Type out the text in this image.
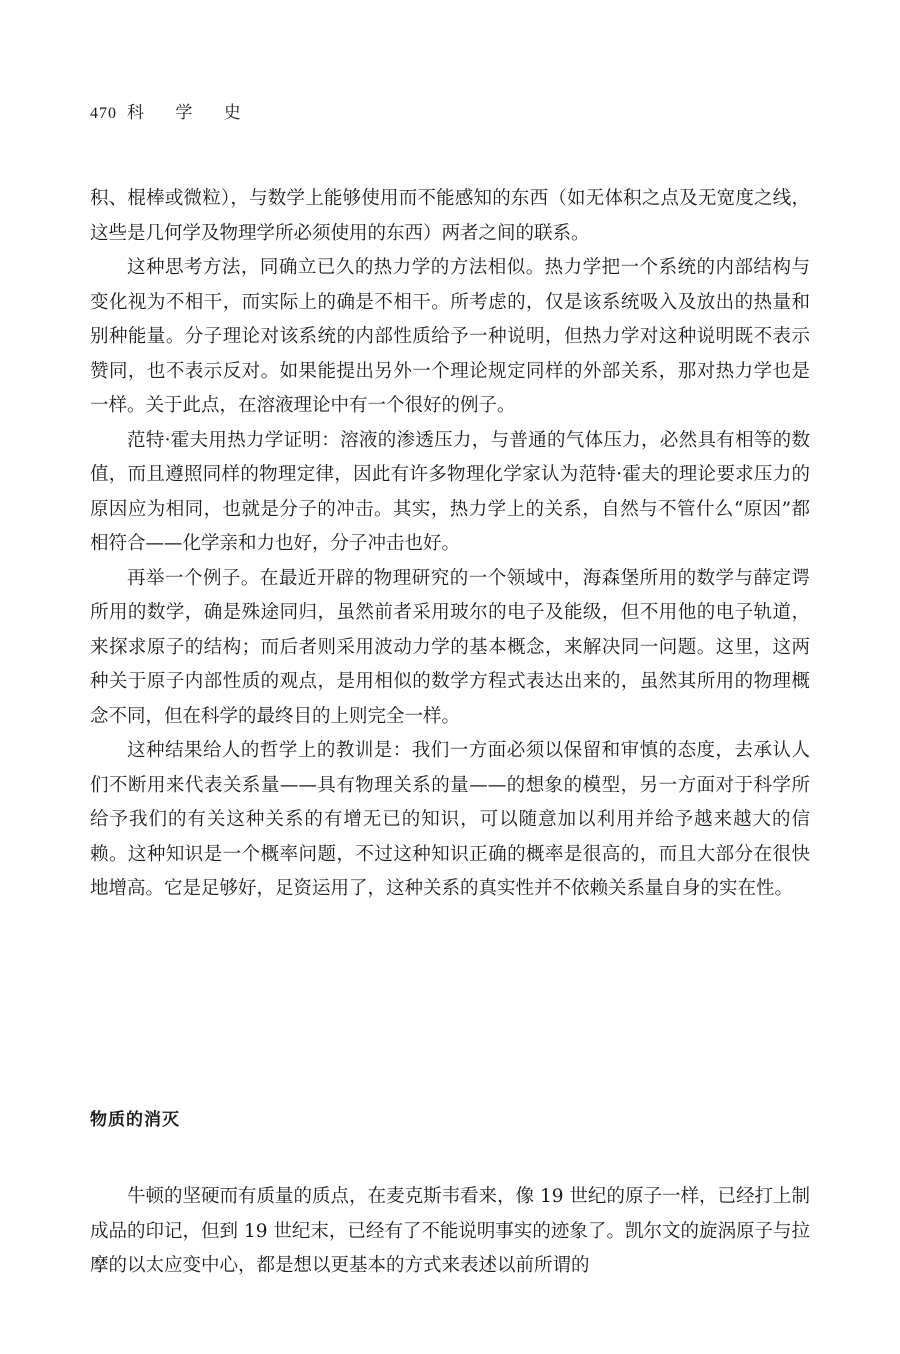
470 科 学 史

积、棍棒或微粒），与数学上能够使用而不能感知的东西（如无体积之点及无宽度之线，这些是几何学及物理学所必须使用的东西）两者之间的联系。

这种思考方法，同确立已久的热力学的方法相似。热力学把一个系统的内部结构与变化视为不相干，而实际上的确是不相干。所考虑的，仅是该系统吸入及放出的热量和别种能量。分子理论对该系统的内部性质给予一种说明，但热力学对这种说明既不表示赞同，也不表示反对。如果能提出另外一个理论规定同样的外部关系，那对热力学也是一样。关于此点，在溶液理论中有一个很好的例子。

范特·霍夫用热力学证明：溶液的渗透压力，与普通的气体压力，必然具有相等的数值，而且遵照同样的物理定律，因此有许多物理化学家认为范特·霍夫的理论要求压力的原因应为相同，也就是分子的冲击。其实，热力学上的关系，自然与不管什么“原因”都相符合——化学亲和力也好，分子冲击也好。

再举一个例子。在最近开辟的物理研究的一个领域中，海森堡所用的数学与薛定谔所用的数学，确是殊途同归，虽然前者采用玻尔的电子及能级，但不用他的电子轨道，来探求原子的结构；而后者则采用波动力学的基本概念，来解决同一问题。这里，这两种关于原子内部性质的观点，是用相似的数学方程式表达出来的，虽然其所用的物理概念不同，但在科学的最终目的上则完全一样。

这种结果给人的哲学上的教训是：我们一方面必须以保留和审慎的态度，去承认人们不断用来代表关系量——具有物理关系的量——的想象的模型，另一方面对于科学所给予我们的有关这种关系的有增无已的知识，可以随意加以利用并给予越来越大的信赖。这种知识是一个概率问题，不过这种知识正确的概率是很高的，而且大部分在很快地增高。它是足够好，足资运用了，这种关系的真实性并不依赖关系量自身的实在性。

物质的消灭

牛顿的坚硬而有质量的质点，在麦克斯韦看来，像 19 世纪的原子一样，已经打上制成品的印记，但到 19 世纪末，已经有了不能说明事实的迹象了。凯尔文的旋涡原子与拉摩的以太应变中心，都是想以更基本的方式来表述以前所谓的
